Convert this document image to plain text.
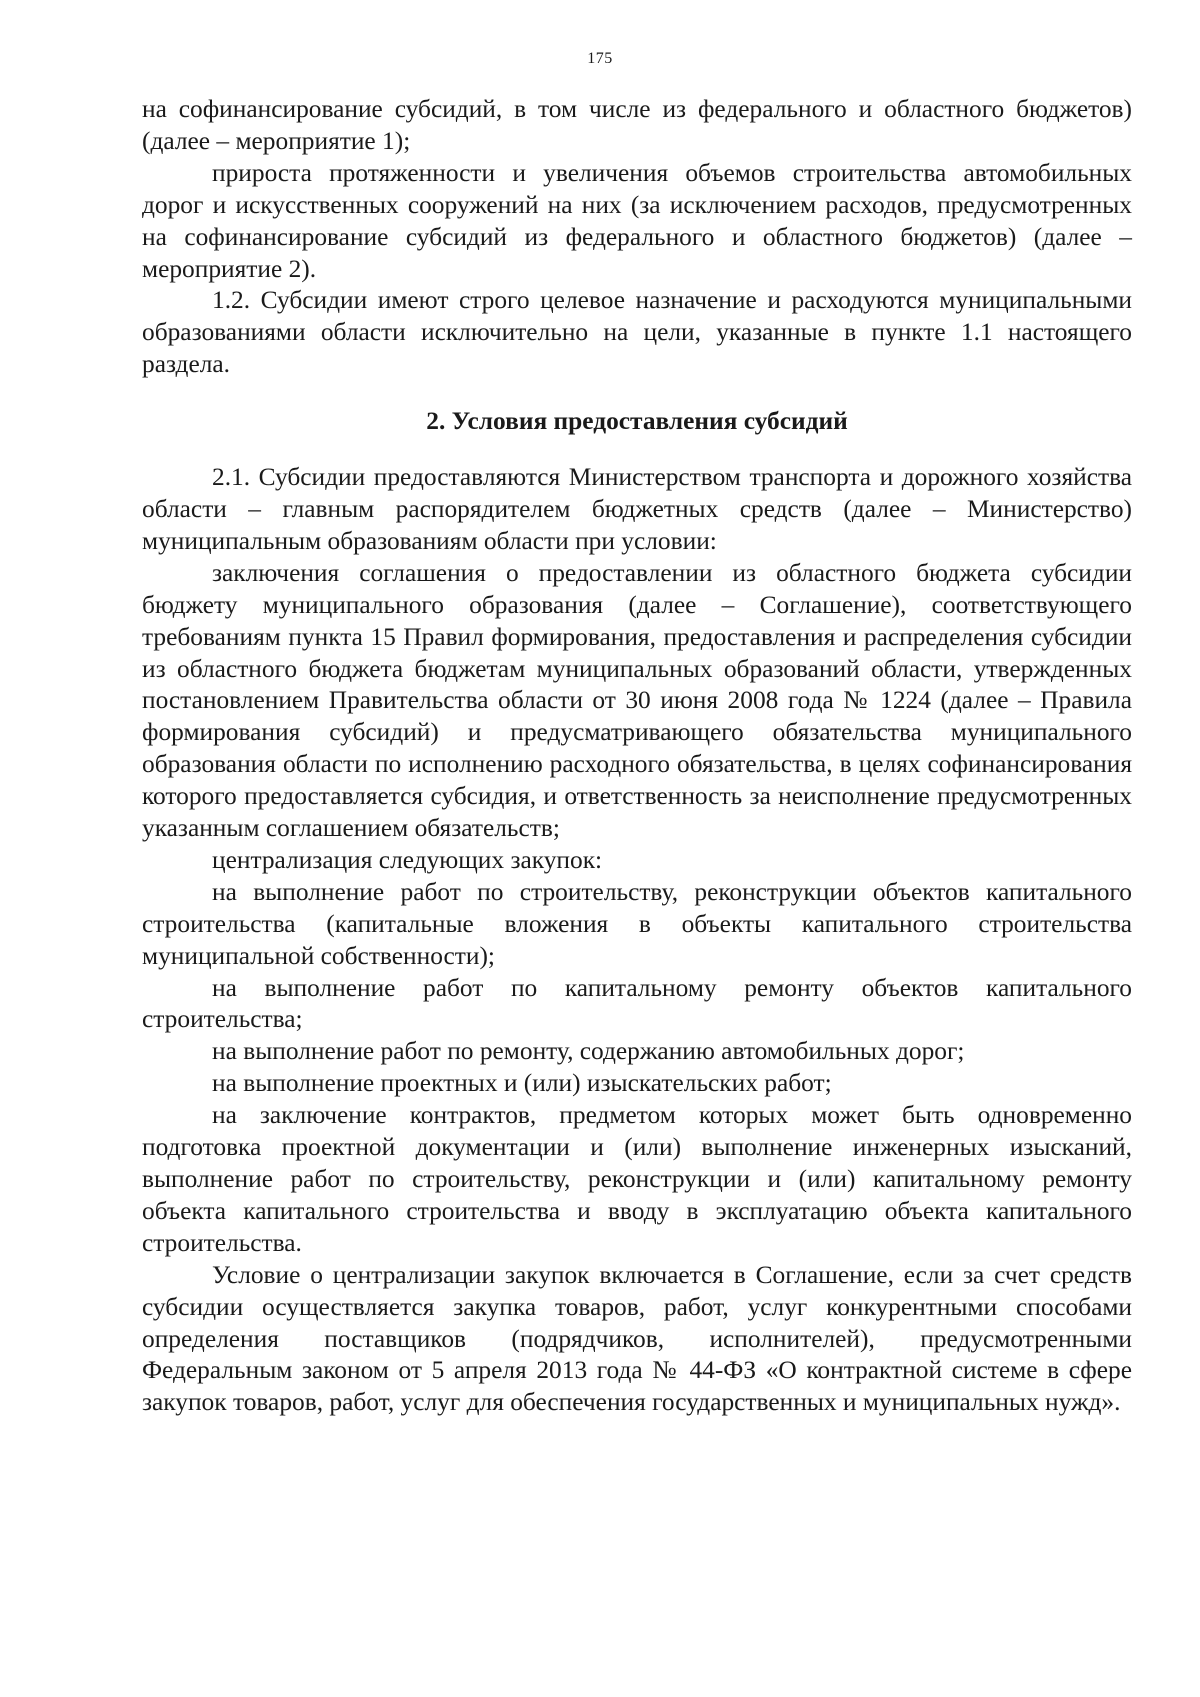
175

на софинансирование субсидий, в том числе из федерального и областного бюджетов) (далее – мероприятие 1);

прироста протяженности и увеличения объемов строительства автомобильных дорог и искусственных сооружений на них (за исключением расходов, предусмотренных на софинансирование субсидий из федерального и областного бюджетов) (далее – мероприятие 2).

1.2. Субсидии имеют строго целевое назначение и расходуются муниципальными образованиями области исключительно на цели, указанные в пункте 1.1 настоящего раздела.

2. Условия предоставления субсидий

2.1. Субсидии предоставляются Министерством транспорта и дорожного хозяйства области – главным распорядителем бюджетных средств (далее – Министерство) муниципальным образованиям области при условии:

заключения соглашения о предоставлении из областного бюджета субсидии бюджету муниципального образования (далее – Соглашение), соответствующего требованиям пункта 15 Правил формирования, предоставления и распределения субсидии из областного бюджета бюджетам муниципальных образований области, утвержденных постановлением Правительства области от 30 июня 2008 года № 1224 (далее – Правила формирования субсидий) и предусматривающего обязательства муниципального образования области по исполнению расходного обязательства, в целях софинансирования которого предоставляется субсидия, и ответственность за неисполнение предусмотренных указанным соглашением обязательств;

централизация следующих закупок:

на выполнение работ по строительству, реконструкции объектов капитального строительства (капитальные вложения в объекты капитального строительства муниципальной собственности);

на выполнение работ по капитальному ремонту объектов капитального строительства;

на выполнение работ по ремонту, содержанию автомобильных дорог;

на выполнение проектных и (или) изыскательских работ;

на заключение контрактов, предметом которых может быть одновременно подготовка проектной документации и (или) выполнение инженерных изысканий, выполнение работ по строительству, реконструкции и (или) капитальному ремонту объекта капитального строительства и вводу в эксплуатацию объекта капитального строительства.

Условие о централизации закупок включается в Соглашение, если за счет средств субсидии осуществляется закупка товаров, работ, услуг конкурентными способами определения поставщиков (подрядчиков, исполнителей), предусмотренными Федеральным законом от 5 апреля 2013 года № 44-ФЗ «О контрактной системе в сфере закупок товаров, работ, услуг для обеспечения государственных и муниципальных нужд».
